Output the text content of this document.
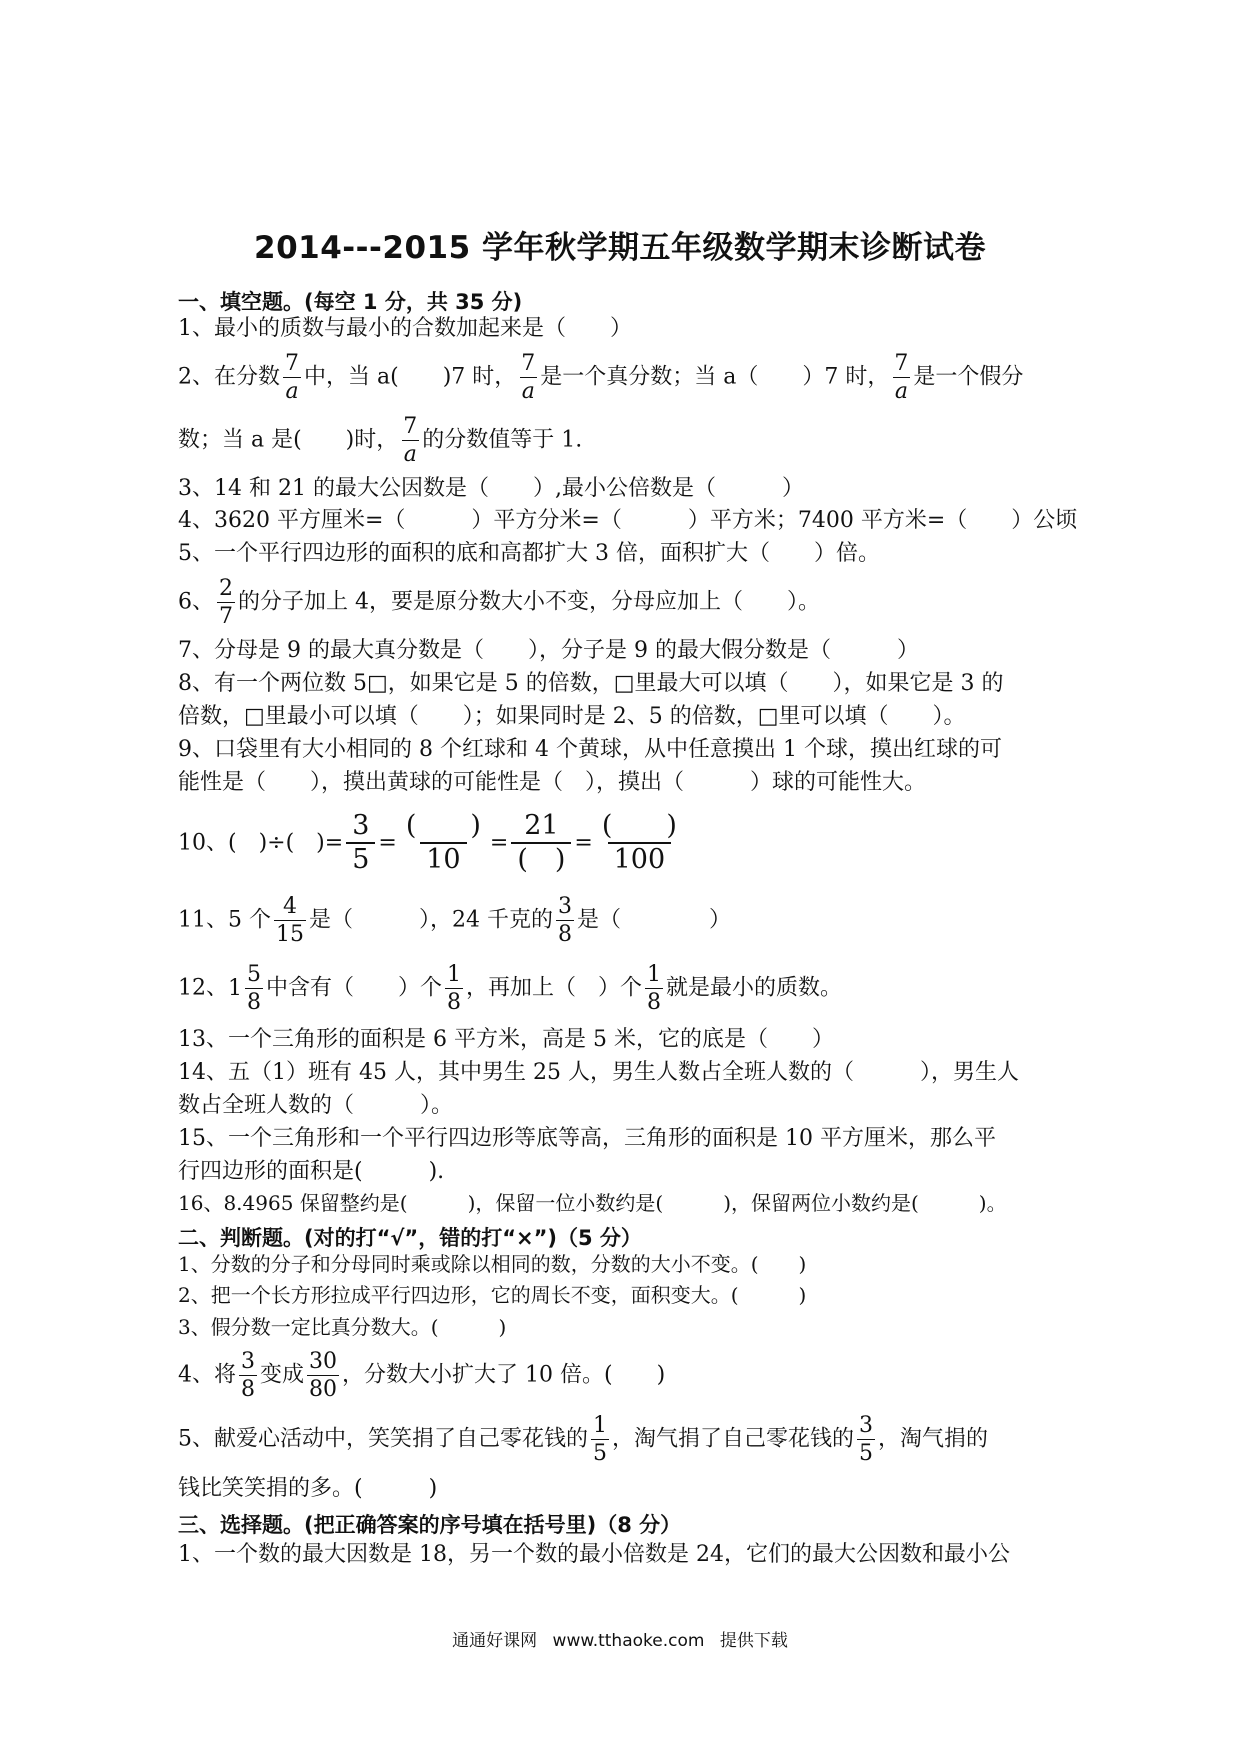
2014---2015 学年秋学期五年级数学期末诊断试卷
一、填空题。(每空 1 分，共 35 分)
1、最小的质数与最小的合数加起来是（　　）
2、在分数 $\frac{7}{a}$ 中，当 a(　　)7 时， $\frac{7}{a}$ 是一个真分数；当 a（　　）7 时， $\frac{7}{a}$ 是一个假分
数；当 a 是(　　)时， $\frac{7}{a}$ 的分数值等于 1.
3、14 和 21 的最大公因数是（　　）,最小公倍数是（　　　）
4、3620 平方厘米=（　　　）平方分米=（　　　）平方米；7400 平方米=（　　）公顷
5、一个平行四边形的面积的底和高都扩大 3 倍，面积扩大（　　）倍。
6、 $\frac{2}{7}$ 的分子加上 4，要是原分数大小不变，分母应加上（　　）。
7、分母是 9 的最大真分数是（　　），分子是 9 的最大假分数是（　　　）
8、有一个两位数 5□，如果它是 5 的倍数，□里最大可以填（　　），如果它是 3 的
倍数，□里最小可以填（　　）；如果同时是 2、5 的倍数，□里可以填（　　）。
9、口袋里有大小相同的 8 个红球和 4 个黄球，从中任意摸出 1 个球，摸出红球的可
能性是（　　），摸出黄球的可能性是（　），摸出（　　　）球的可能性大。
10、(　)÷(　)= $\frac{3}{5} = \frac{( )}{10} = \frac{21}{( )} = \frac{( )}{100}$
11、5 个 $\frac{4}{15}$ 是（　　　），24 千克的 $\frac{3}{8}$ 是（　　　　）
12、 $1 \frac{5}{8}$ 中含有（　　）个 $\frac{1}{8}$ ，再加上（　）个 $\frac{1}{8}$ 就是最小的质数。
13、一个三角形的面积是 6 平方米，高是 5 米，它的底是（　　）
14、五（1）班有 45 人，其中男生 25 人，男生人数占全班人数的（　　　），男生人
数占全班人数的（　　　）。
15、一个三角形和一个平行四边形等底等高，三角形的面积是 10 平方厘米，那么平
行四边形的面积是(　　　).
16、8.4965 保留整约是(　　　)，保留一位小数约是(　　　)，保留两位小数约是(　　　)。
二、判断题。(对的打“√”，错的打“×”)（5 分）
1、分数的分子和分母同时乘或除以相同的数，分数的大小不变。(　　)
2、把一个长方形拉成平行四边形，它的周长不变，面积变大。(　　　)
3、假分数一定比真分数大。(　　　)
4、将 $\frac{3}{8}$ 变成 $\frac{30}{80}$ ，分数大小扩大了 10 倍。(　　)
5、献爱心活动中，笑笑捐了自己零花钱的 $\frac{1}{5}$ ，淘气捐了自己零花钱的 $\frac{3}{5}$ ，淘气捐的
钱比笑笑捐的多。(　　　)
三、选择题。(把正确答案的序号填在括号里)（8 分）
1、一个数的最大因数是 18，另一个数的最小倍数是 24，它们的最大公因数和最小公
通通好课网 www.tthaoke.com 提供下载
